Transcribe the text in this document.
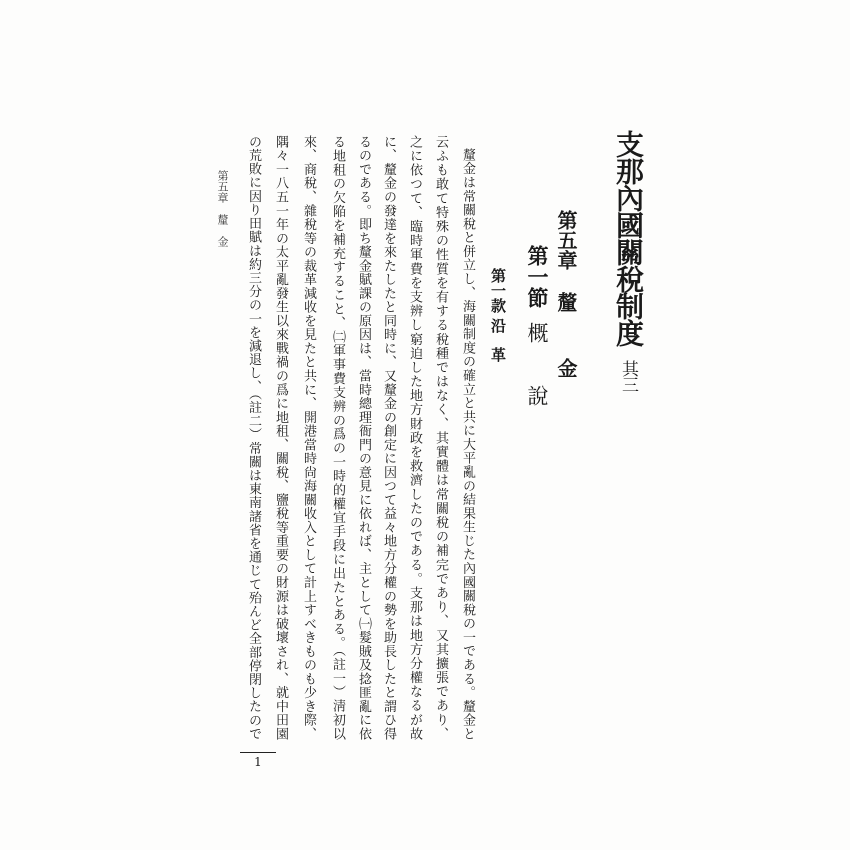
支那內國關稅制度其三
第五章釐金
第一節概說
第一款沿革
釐金は常關稅と併立し、海關制度の確立と共に大平亂の結果生じた內國關稅の一である。釐金と
云ふも敢て特殊の性質を有する稅種ではなく、其實體は常關稅の補完であり、又其擴張であり、
之に依つて、臨時軍費を支辨し窮迫した地方財政を救濟したのである。支那は地方分權なるが故
に、釐金の發達を來たしたと同時に、又釐金の創定に因つて益々地方分權の勢を助長したと謂ひ得
るのである。即ち釐金賦課の原因は、當時總理衙門の意見に依れば、主として㈠髮賊及捻匪亂に依
る地租の欠陥を補充すること、㈡軍事費支辨の爲の一時的權宜手段に出たとある。（註一）淸初以
來、商稅、雜稅等の裁革減收を見たと共に、開港當時尙海關收入として計上すべきものも少き際、
隅々一八五一年の太平亂發生以來戰禍の爲に地租、關稅、鹽稅等重要の財源は破壞され、就中田園
の荒敗に因り田賦は約三分の一を減退し、（註二）常關は東南諸省を通じて殆んど全部停閉したので
第五章　釐　金
1
